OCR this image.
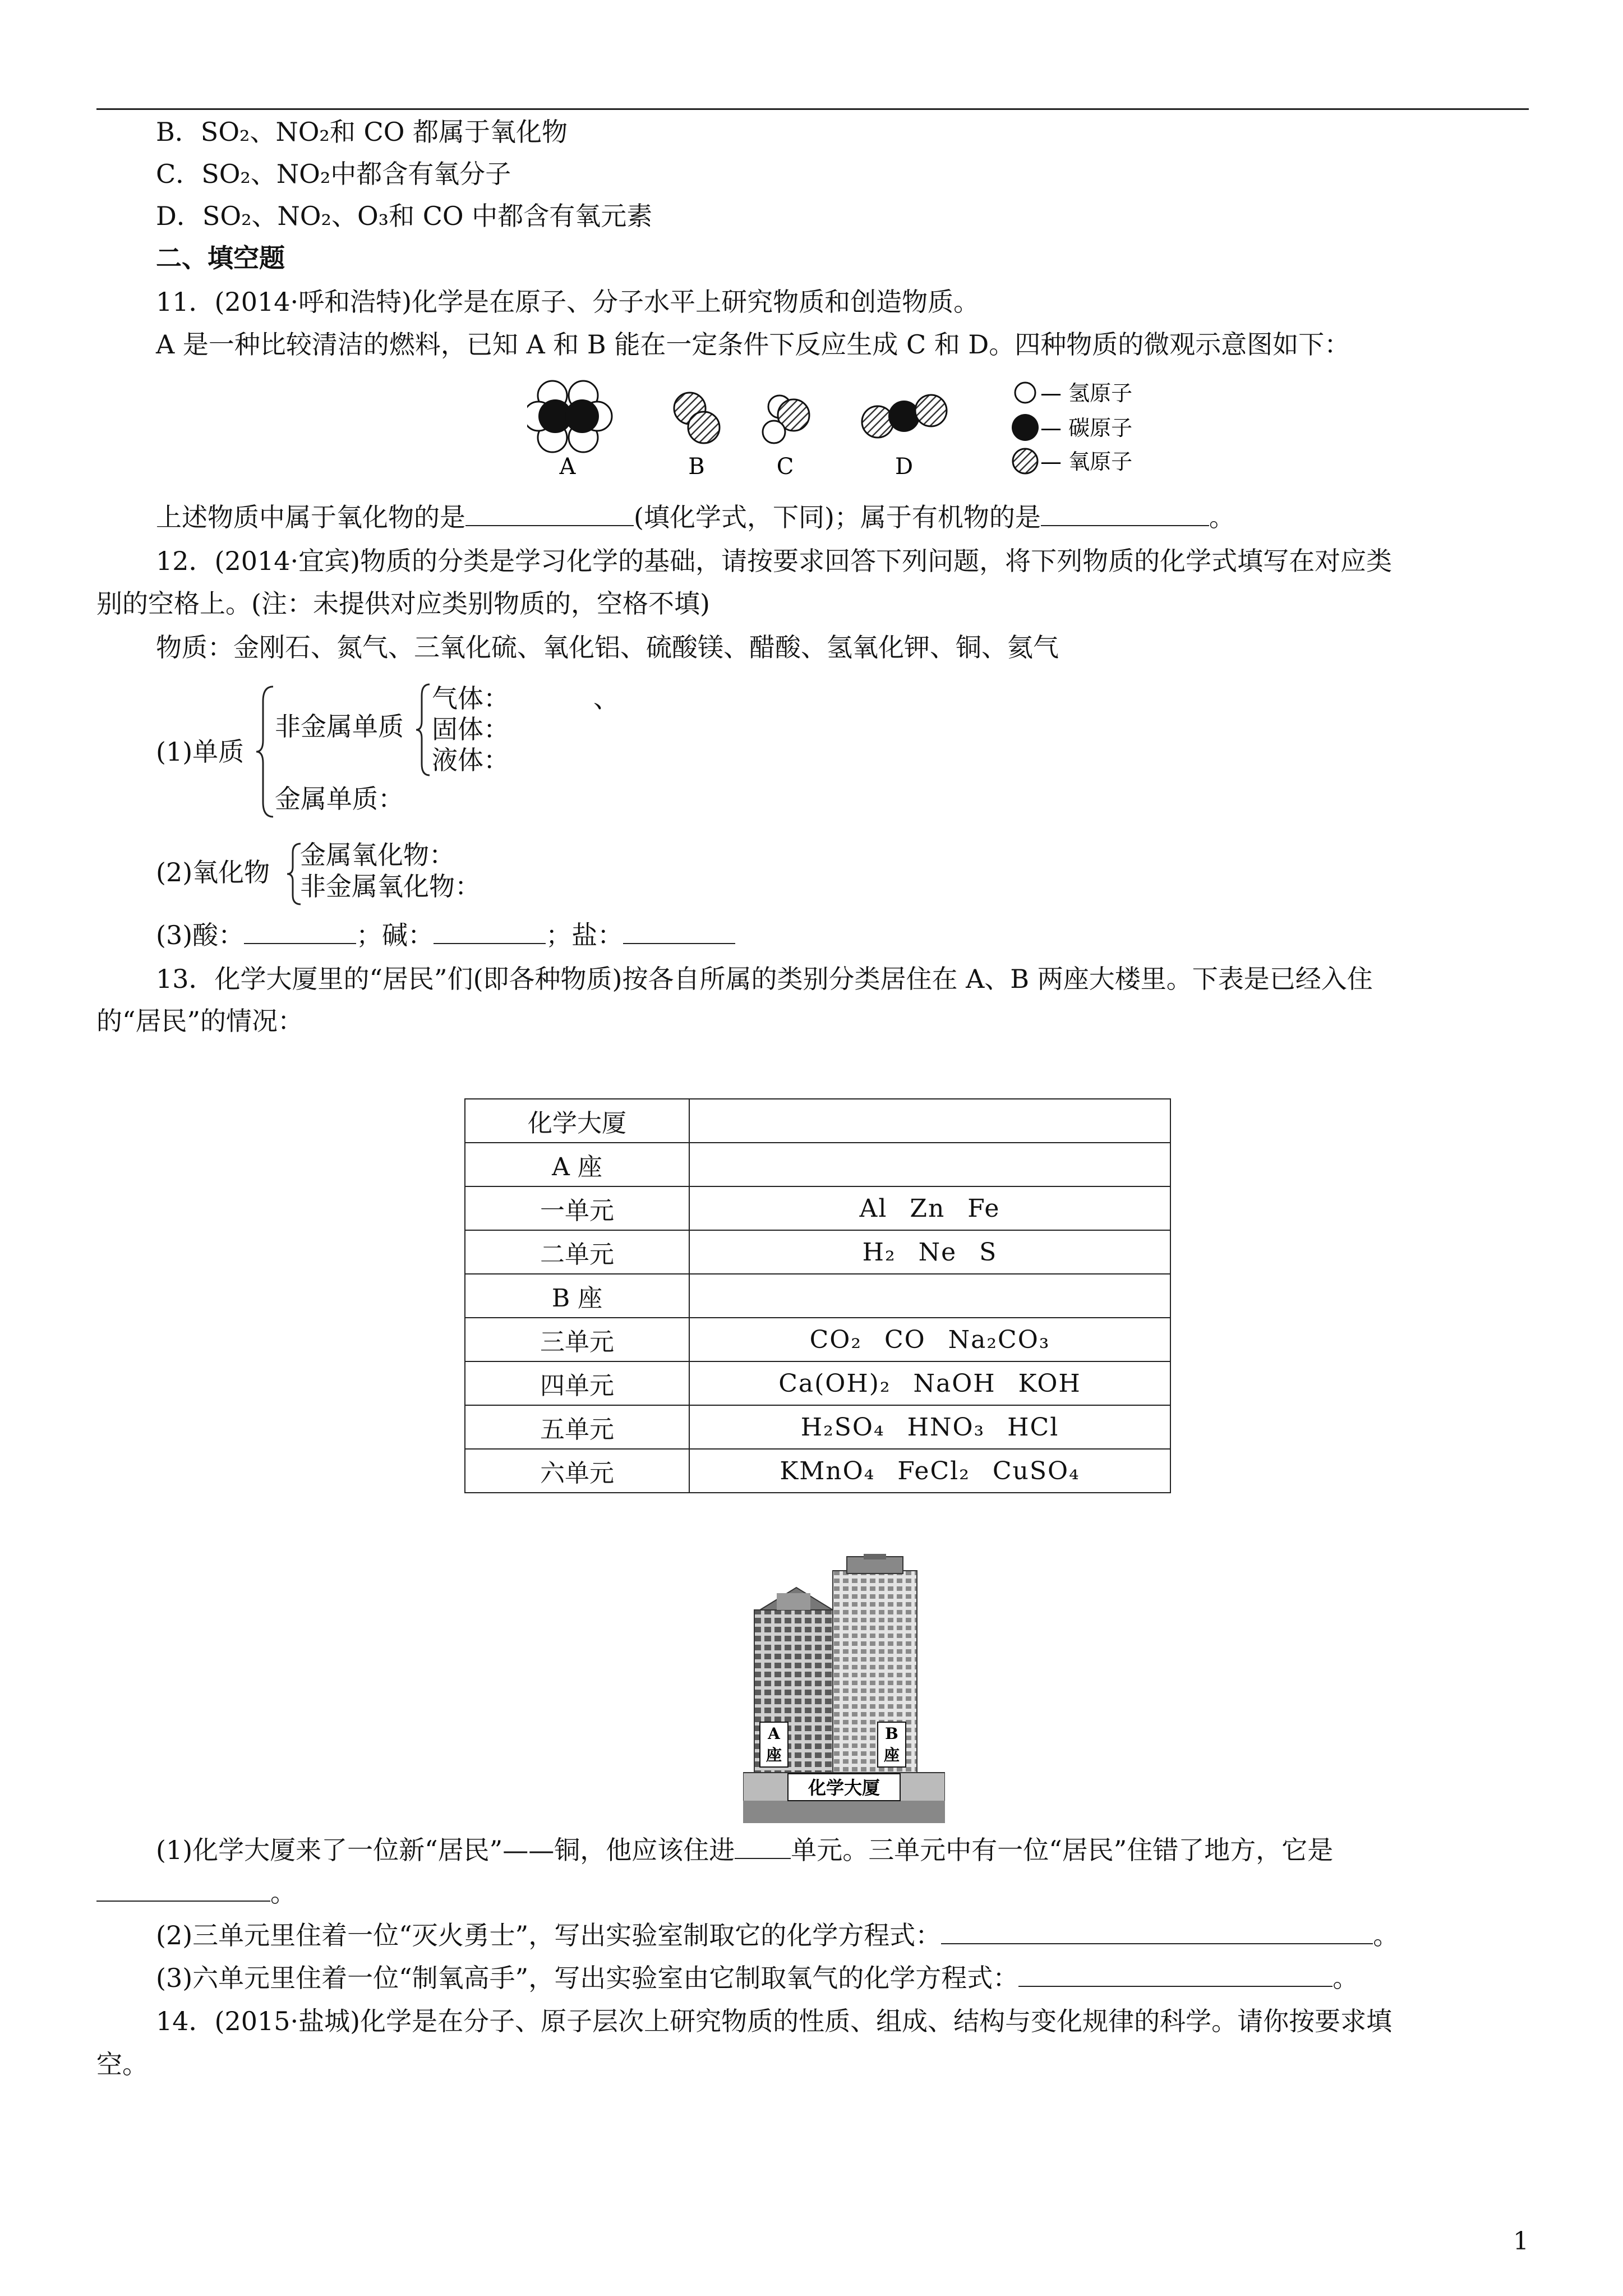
B．SO₂、NO₂和 CO 都属于氧化物
C．SO₂、NO₂中都含有氧分子
D．SO₂、NO₂、O₃和 CO 中都含有氧元素
二、填空题
11．(2014·呼和浩特)化学是在原子、分子水平上研究物质和创造物质。
A 是一种比较清洁的燃料，已知 A 和 B 能在一定条件下反应生成 C 和 D。四种物质的微观示意图如下：
A	B	C	D
— 氢原子
— 碳原子
— 氧原子
上述物质中属于氧化物的是	(填化学式，下同)；属于有机物的是	。
12．(2014·宜宾)物质的分类是学习化学的基础，请按要求回答下列问题，将下列物质的化学式填写在对应类
别的空格上。(注：未提供对应类别物质的，空格不填)
物质：金刚石、氮气、三氧化硫、氧化铝、硫酸镁、醋酸、氢氧化钾、铜、氦气
(1)单质
非金属单质
气体：	、
固体：
液体：
金属单质：
(2)氧化物
金属氧化物：
非金属氧化物：
(3)酸：	；碱：	；盐：
13．化学大厦里的“居民”们(即各种物质)按各自所属的类别分类居住在 A、B 两座大楼里。下表是已经入住
的“居民”的情况：
化学大厦	
A 座	
一单元	Al Zn Fe
二单元	H₂ Ne S
B 座	
三单元	CO₂ CO Na₂CO₃
四单元	Ca(OH)₂ NaOH KOH
五单元	H₂SO₄ HNO₃ HCl
六单元	KMnO₄ FeCl₂ CuSO₄
A
座
B
座
化学大厦
(1)化学大厦来了一位新“居民”——铜，他应该住进 单元。三单元中有一位“居民”住错了地方，它是
。
(2)三单元里住着一位“灭火勇士”，写出实验室制取它的化学方程式：	。
(3)六单元里住着一位“制氧高手”，写出实验室由它制取氧气的化学方程式：	。
14．(2015·盐城)化学是在分子、原子层次上研究物质的性质、组成、结构与变化规律的科学。请你按要求填
空。
1
